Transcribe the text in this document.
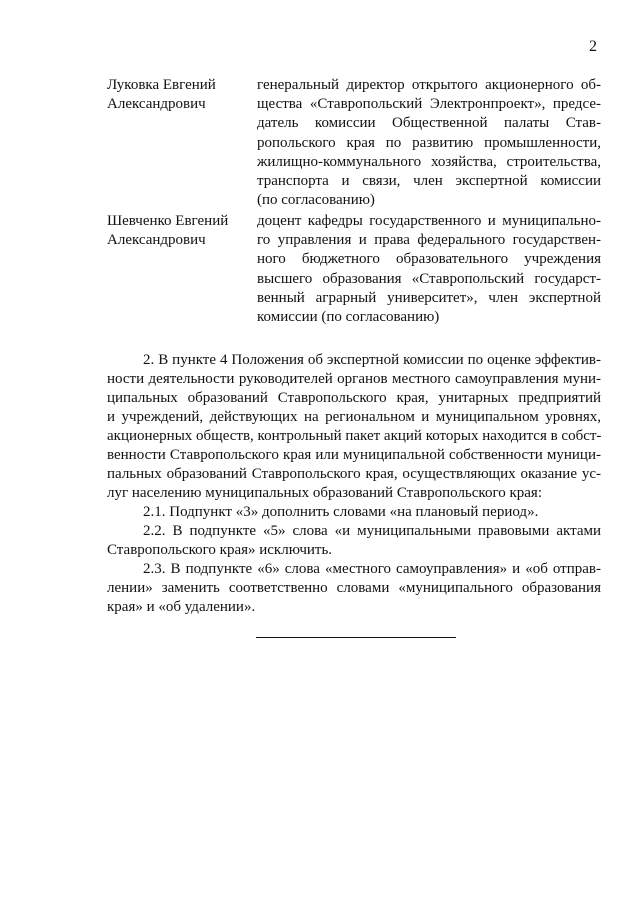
2
Луковка Евгений
Александрович
генеральный директор открытого акционерного об-
щества «Ставропольский Электронпроект», предсе-
датель комиссии Общественной палаты Став-
ропольского края по развитию промышленности,
жилищно-коммунального хозяйства, строительства,
транспорта и связи, член экспертной комиссии
(по согласованию)
Шевченко Евгений
Александрович
доцент кафедры государственного и муниципально-
го управления и права федерального государствен-
ного бюджетного образовательного учреждения
высшего образования «Ставропольский государст-
венный аграрный университет», член экспертной
комиссии (по согласованию)
2. В пункте 4 Положения об экспертной комиссии по оценке эффектив-
ности деятельности руководителей органов местного самоуправления муни-
ципальных образований Ставропольского края, унитарных предприятий
и учреждений, действующих на региональном и муниципальном уровнях,
акционерных обществ, контрольный пакет акций которых находится в собст-
венности Ставропольского края или муниципальной собственности муници-
пальных образований Ставропольского края, осуществляющих оказание ус-
луг населению муниципальных образований Ставропольского края:
2.1. Подпункт «3» дополнить словами «на плановый период».
2.2. В подпункте «5» слова «и муниципальными правовыми актами
Ставропольского края» исключить.
2.3. В подпункте «6» слова «местного самоуправления» и «об отправ-
лении» заменить соответственно словами «муниципального образования
края» и «об удалении».
